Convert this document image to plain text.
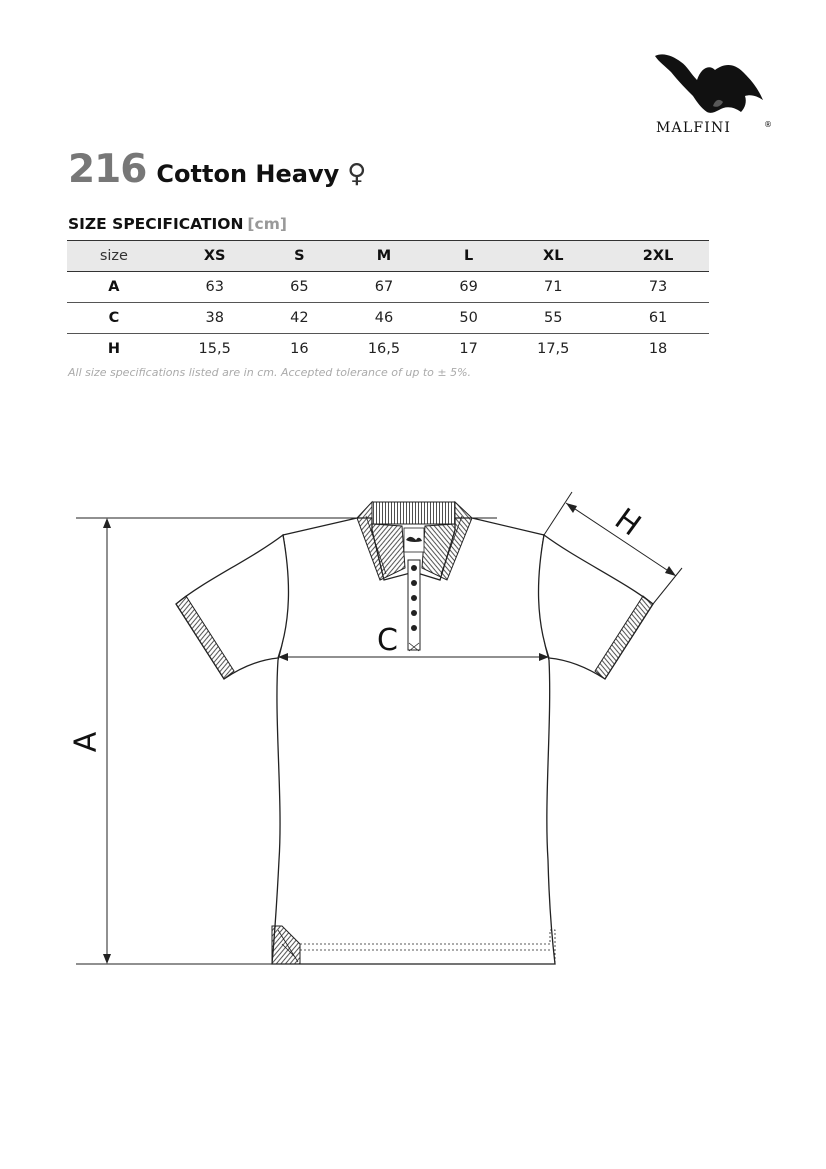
MALFINI	®
216 Cotton Heavy ♀
SIZE SPECIFICATION [cm]
size	XS	S	M	L	XL	2XL
A	63	65	67	69	71	73
C	38	42	46	50	55	61
H	15,5	16	16,5	17	17,5	18
All size specifications listed are in cm. Accepted tolerance of up to ± 5%.
A
C
H
